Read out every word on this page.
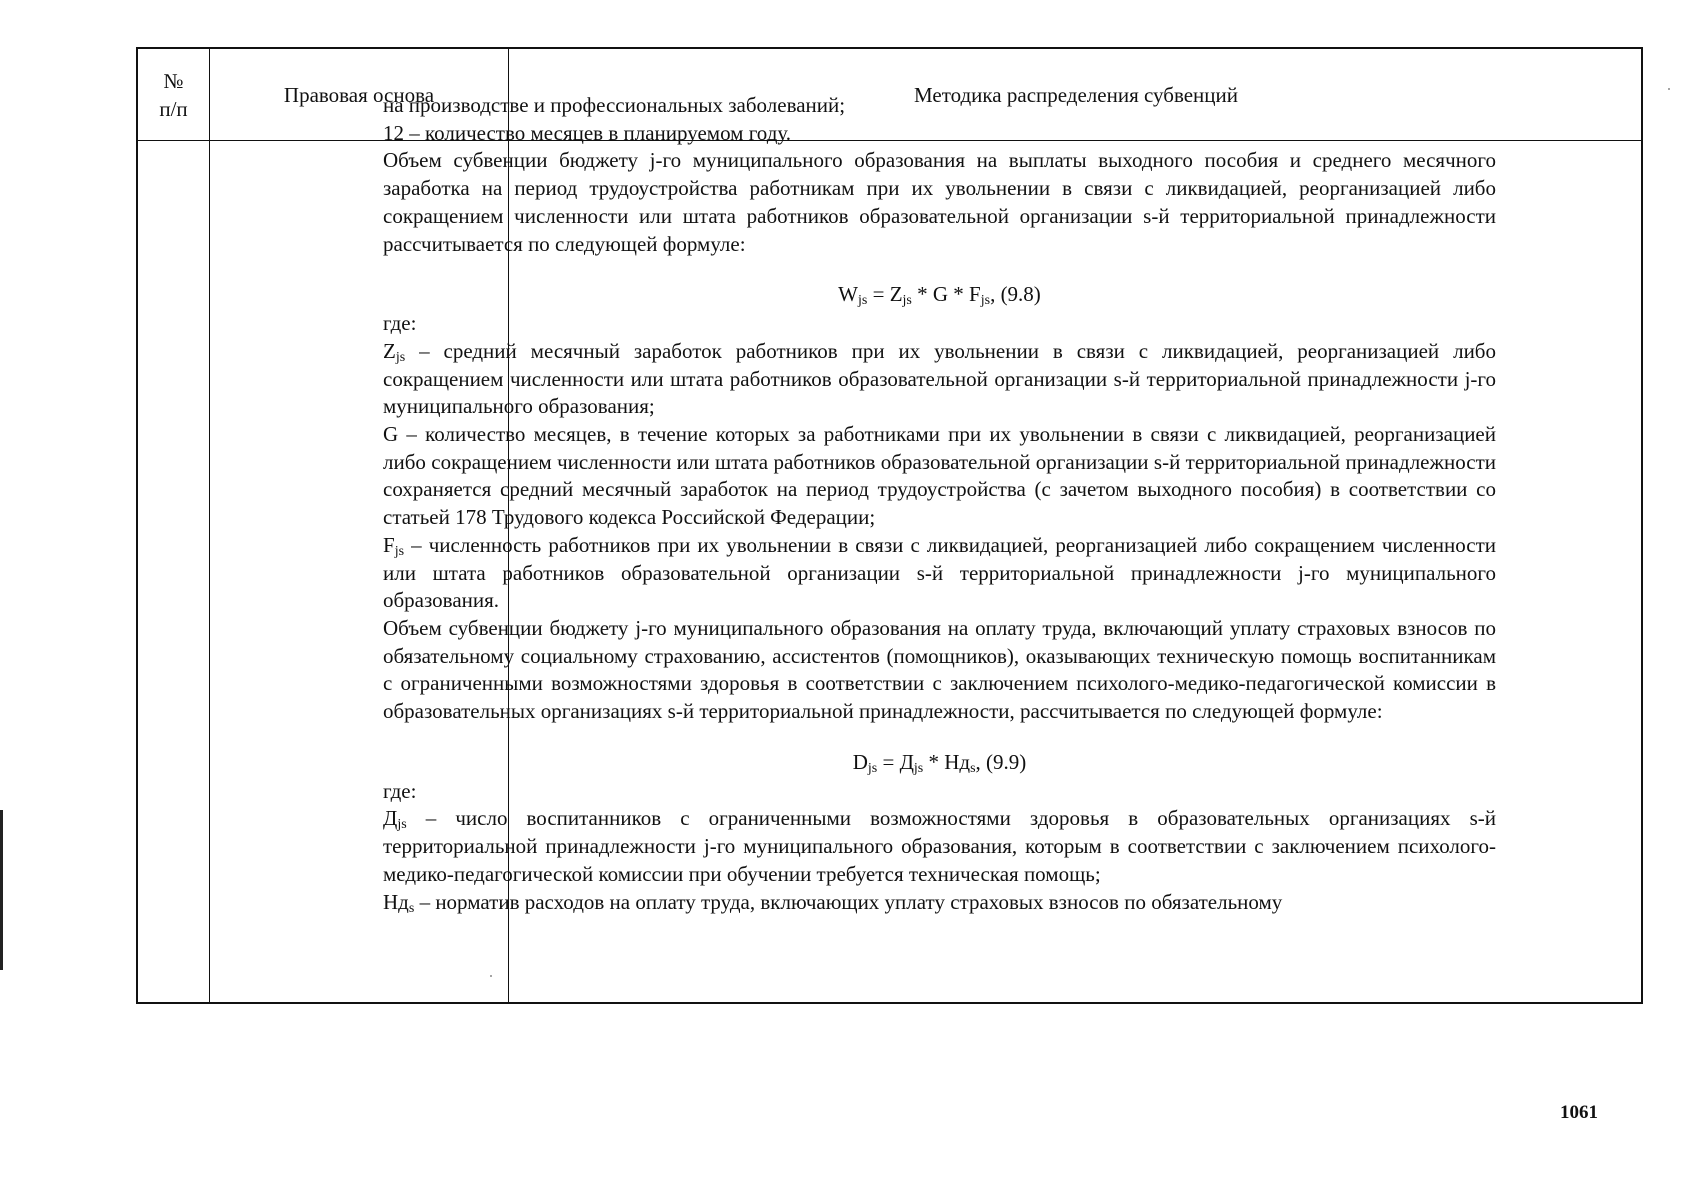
№ п/п
Правовая основа	Методика распределения субвенций

на производстве и профессиональных заболеваний;

12 – количество месяцев в планируемом году.

Объем субвенции бюджету j-го муниципального образования на выплаты выходного пособия и среднего месячного заработка на период трудоустройства работникам при их увольнении в связи с ликвидацией, реорганизацией либо сокращением численности или штата работников образовательной организации s-й территориальной принадлежности рассчитывается по следующей формуле:

$W_{js} = Z_{js} * G * F_{js}$, (9.8)

где:

$Z_{js}$ – средний месячный заработок работников при их увольнении в связи с ликвидацией, реорганизацией либо сокращением численности или штата работников образовательной организации s-й территориальной принадлежности j-го муниципального образования;

G – количество месяцев, в течение которых за работниками при их увольнении в связи с ликвидацией, реорганизацией либо сокращением численности или штата работников образовательной организации s-й территориальной принадлежности сохраняется средний месячный заработок на период трудоустройства (с зачетом выходного пособия) в соответствии со статьей 178 Трудового кодекса Российской Федерации;

$F_{js}$ – численность работников при их увольнении в связи с ликвидацией, реорганизацией либо сокращением численности или штата работников образовательной организации s-й территориальной принадлежности j-го муниципального образования.

Объем субвенции бюджету j-го муниципального образования на оплату труда, включающий уплату страховых взносов по обязательному социальному страхованию, ассистентов (помощников), оказывающих техническую помощь воспитанникам с ограниченными возможностями здоровья в соответствии с заключением психолого-медико-педагогической комиссии в образовательных организациях s-й территориальной принадлежности, рассчитывается по следующей формуле:

$D_{js} = Д_{js} * Нд_s$, (9.9)

где:

$Д_{js}$ – число воспитанников с ограниченными возможностями здоровья в образовательных организациях s-й территориальной принадлежности j-го муниципального образования, которым в соответствии с заключением психолого-медико-педагогической комиссии при обучении требуется техническая помощь;

$Нд_s$ – норматив расходов на оплату труда, включающих уплату страховых взносов по обязательному

1061
